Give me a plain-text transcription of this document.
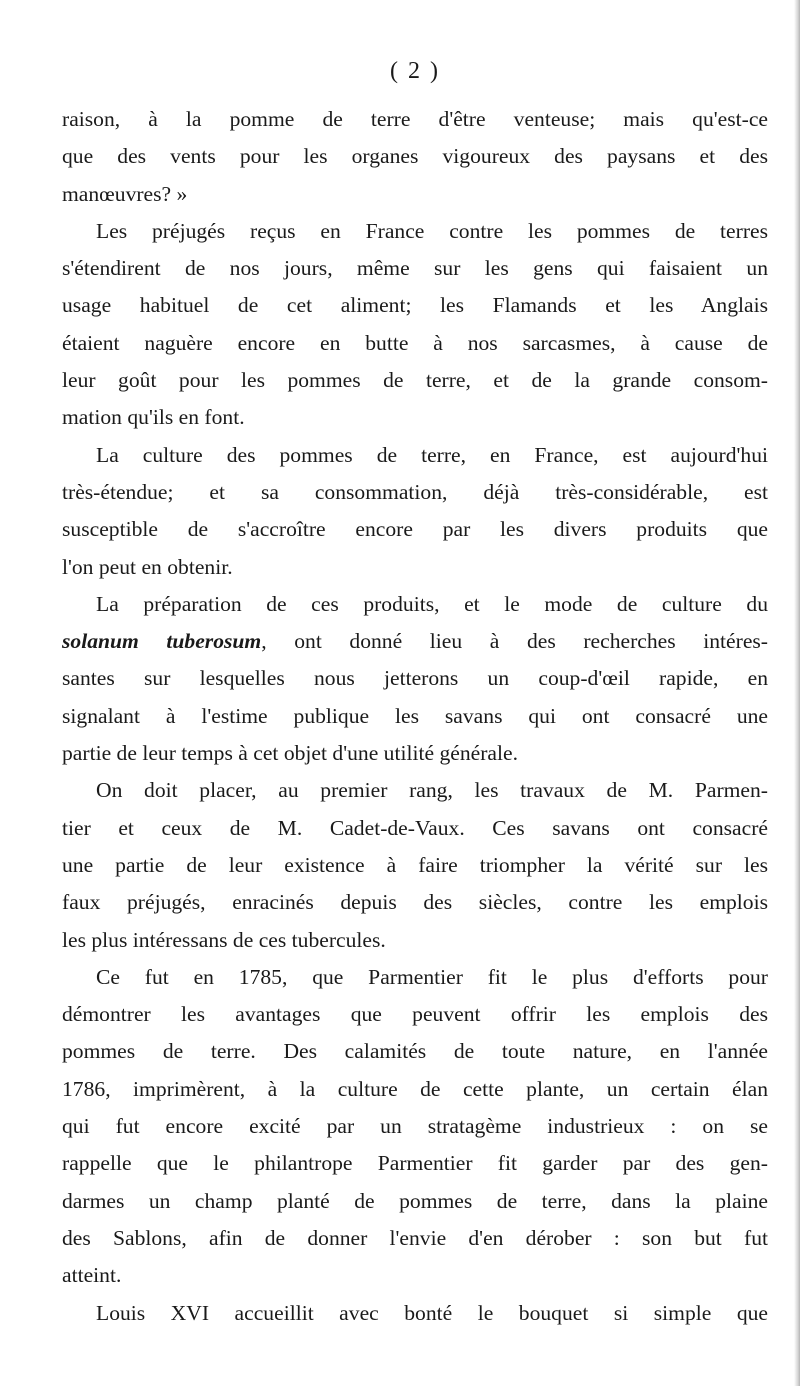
( 2 )

raison, à la pomme de terre d'être venteuse; mais qu'est-ce
que des vents pour les organes vigoureux des paysans et des
manœuvres? »

Les préjugés reçus en France contre les pommes de terres
s'étendirent de nos jours, même sur les gens qui faisaient un
usage habituel de cet aliment; les Flamands et les Anglais
étaient naguère encore en butte à nos sarcasmes, à cause de
leur goût pour les pommes de terre, et de la grande consom-
mation qu'ils en font.

La culture des pommes de terre, en France, est aujourd'hui
très-étendue; et sa consommation, déjà très-considérable, est
susceptible de s'accroître encore par les divers produits que
l'on peut en obtenir.

La préparation de ces produits, et le mode de culture du
solanum tuberosum, ont donné lieu à des recherches intéres-
santes sur lesquelles nous jetterons un coup-d'œil rapide, en
signalant à l'estime publique les savans qui ont consacré une
partie de leur temps à cet objet d'une utilité générale.

On doit placer, au premier rang, les travaux de M. Parmen-
tier et ceux de M. Cadet-de-Vaux. Ces savans ont consacré
une partie de leur existence à faire triompher la vérité sur les
faux préjugés, enracinés depuis des siècles, contre les emplois
les plus intéressans de ces tubercules.

Ce fut en 1785, que Parmentier fit le plus d'efforts pour
démontrer les avantages que peuvent offrir les emplois des
pommes de terre. Des calamités de toute nature, en l'année
1786, imprimèrent, à la culture de cette plante, un certain élan
qui fut encore excité par un stratagème industrieux : on se
rappelle que le philantrope Parmentier fit garder par des gen-
darmes un champ planté de pommes de terre, dans la plaine
des Sablons, afin de donner l'envie d'en dérober : son but fut
atteint.

Louis XVI accueillit avec bonté le bouquet si simple que
